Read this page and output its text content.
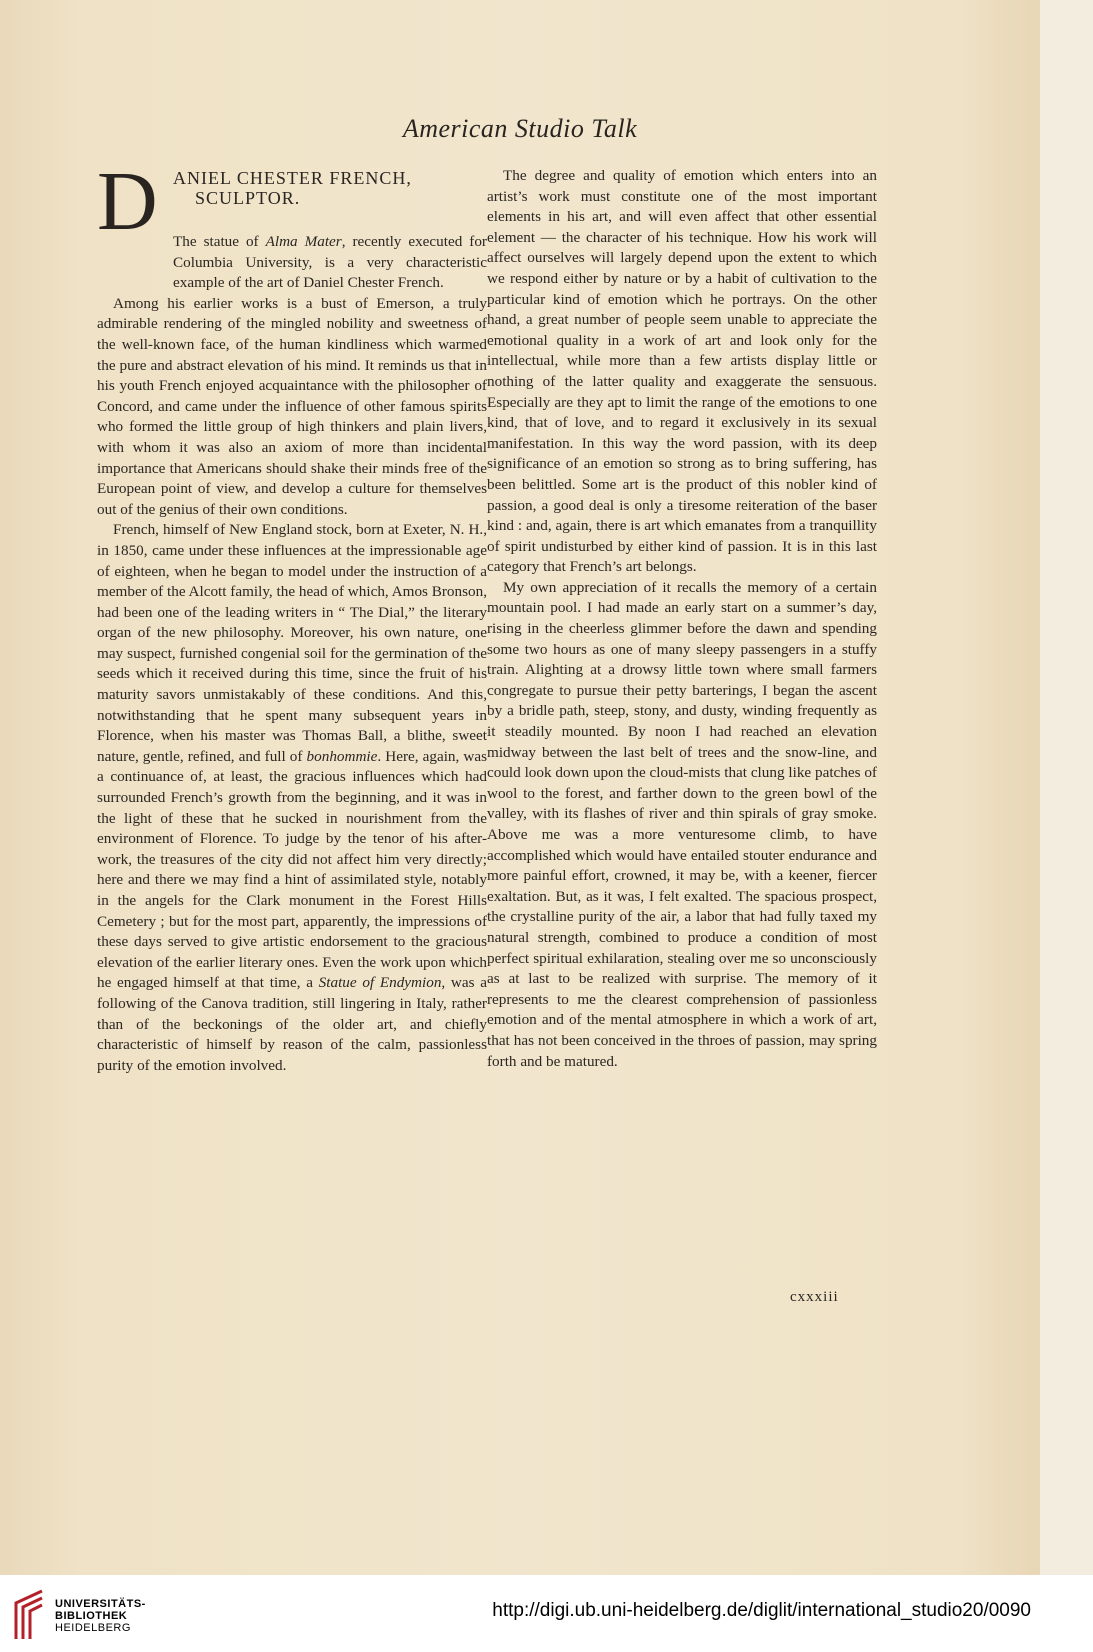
American Studio Talk
D ANIEL CHESTER FRENCH,
SCULPTOR.

The statue of Alma Mater, recently executed for Columbia University, is a very characteristic example of the art of Daniel Chester French.

Among his earlier works is a bust of Emerson, a truly admirable rendering of the mingled nobility and sweetness of the well-known face, of the human kindliness which warmed the pure and abstract elevation of his mind. It reminds us that in his youth French enjoyed acquaintance with the philosopher of Concord, and came under the influence of other famous spirits who formed the little group of high thinkers and plain livers, with whom it was also an axiom of more than incidental importance that Americans should shake their minds free of the European point of view, and develop a culture for themselves out of the genius of their own conditions.

French, himself of New England stock, born at Exeter, N. H., in 1850, came under these influences at the impressionable age of eighteen, when he began to model under the instruction of a member of the Alcott family, the head of which, Amos Bronson, had been one of the leading writers in “ The Dial,” the literary organ of the new philosophy. Moreover, his own nature, one may suspect, furnished congenial soil for the germination of the seeds which it received during this time, since the fruit of his maturity savors unmistakably of these conditions. And this, notwithstanding that he spent many subsequent years in Florence, when his master was Thomas Ball, a blithe, sweet nature, gentle, refined, and full of bonhommie. Here, again, was a continuance of, at least, the gracious influences which had surrounded French’s growth from the beginning, and it was in the light of these that he sucked in nourishment from the environment of Florence. To judge by the tenor of his after-work, the treasures of the city did not affect him very directly; here and there we may find a hint of assimilated style, notably in the angels for the Clark monument in the Forest Hills Cemetery ; but for the most part, apparently, the impressions of these days served to give artistic endorsement to the gracious elevation of the earlier literary ones. Even the work upon which he engaged himself at that time, a Statue of Endymion, was a following of the Canova tradition, still lingering in Italy, rather than of the beckonings of the older art, and chiefly characteristic of himself by reason of the calm, passionless purity of the emotion involved.

The degree and quality of emotion which enters into an artist’s work must constitute one of the most important elements in his art, and will even affect that other essential element — the character of his technique. How his work will affect ourselves will largely depend upon the extent to which we respond either by nature or by a habit of cultivation to the particular kind of emotion which he portrays. On the other hand, a great number of people seem unable to appreciate the emotional quality in a work of art and look only for the intellectual, while more than a few artists display little or nothing of the latter quality and exaggerate the sensuous. Especially are they apt to limit the range of the emotions to one kind, that of love, and to regard it exclusively in its sexual manifestation. In this way the word passion, with its deep significance of an emotion so strong as to bring suffering, has been belittled. Some art is the product of this nobler kind of passion, a good deal is only a tiresome reiteration of the baser kind : and, again, there is art which emanates from a tranquillity of spirit undisturbed by either kind of passion. It is in this last category that French’s art belongs.

My own appreciation of it recalls the memory of a certain mountain pool. I had made an early start on a summer’s day, rising in the cheerless glimmer before the dawn and spending some two hours as one of many sleepy passengers in a stuffy train. Alighting at a drowsy little town where small farmers congregate to pursue their petty barterings, I began the ascent by a bridle path, steep, stony, and dusty, winding frequently as it steadily mounted. By noon I had reached an elevation midway between the last belt of trees and the snow-line, and could look down upon the cloud-mists that clung like patches of wool to the forest, and farther down to the green bowl of the valley, with its flashes of river and thin spirals of gray smoke. Above me was a more venturesome climb, to have accomplished which would have entailed stouter endurance and more painful effort, crowned, it may be, with a keener, fiercer exaltation. But, as it was, I felt exalted. The spacious prospect, the crystalline purity of the air, a labor that had fully taxed my natural strength, combined to produce a condition of most perfect spiritual exhilaration, stealing over me so unconsciously as at last to be realized with surprise. The memory of it represents to me the clearest comprehension of passionless emotion and of the mental atmosphere in which a work of art, that has not been conceived in the throes of passion, may spring forth and be matured.

cxxxiii
UNIVERSITÄTS-
BIBLIOTHEK
HEIDELBERG
http://digi.ub.uni-heidelberg.de/diglit/international_studio20/0090
